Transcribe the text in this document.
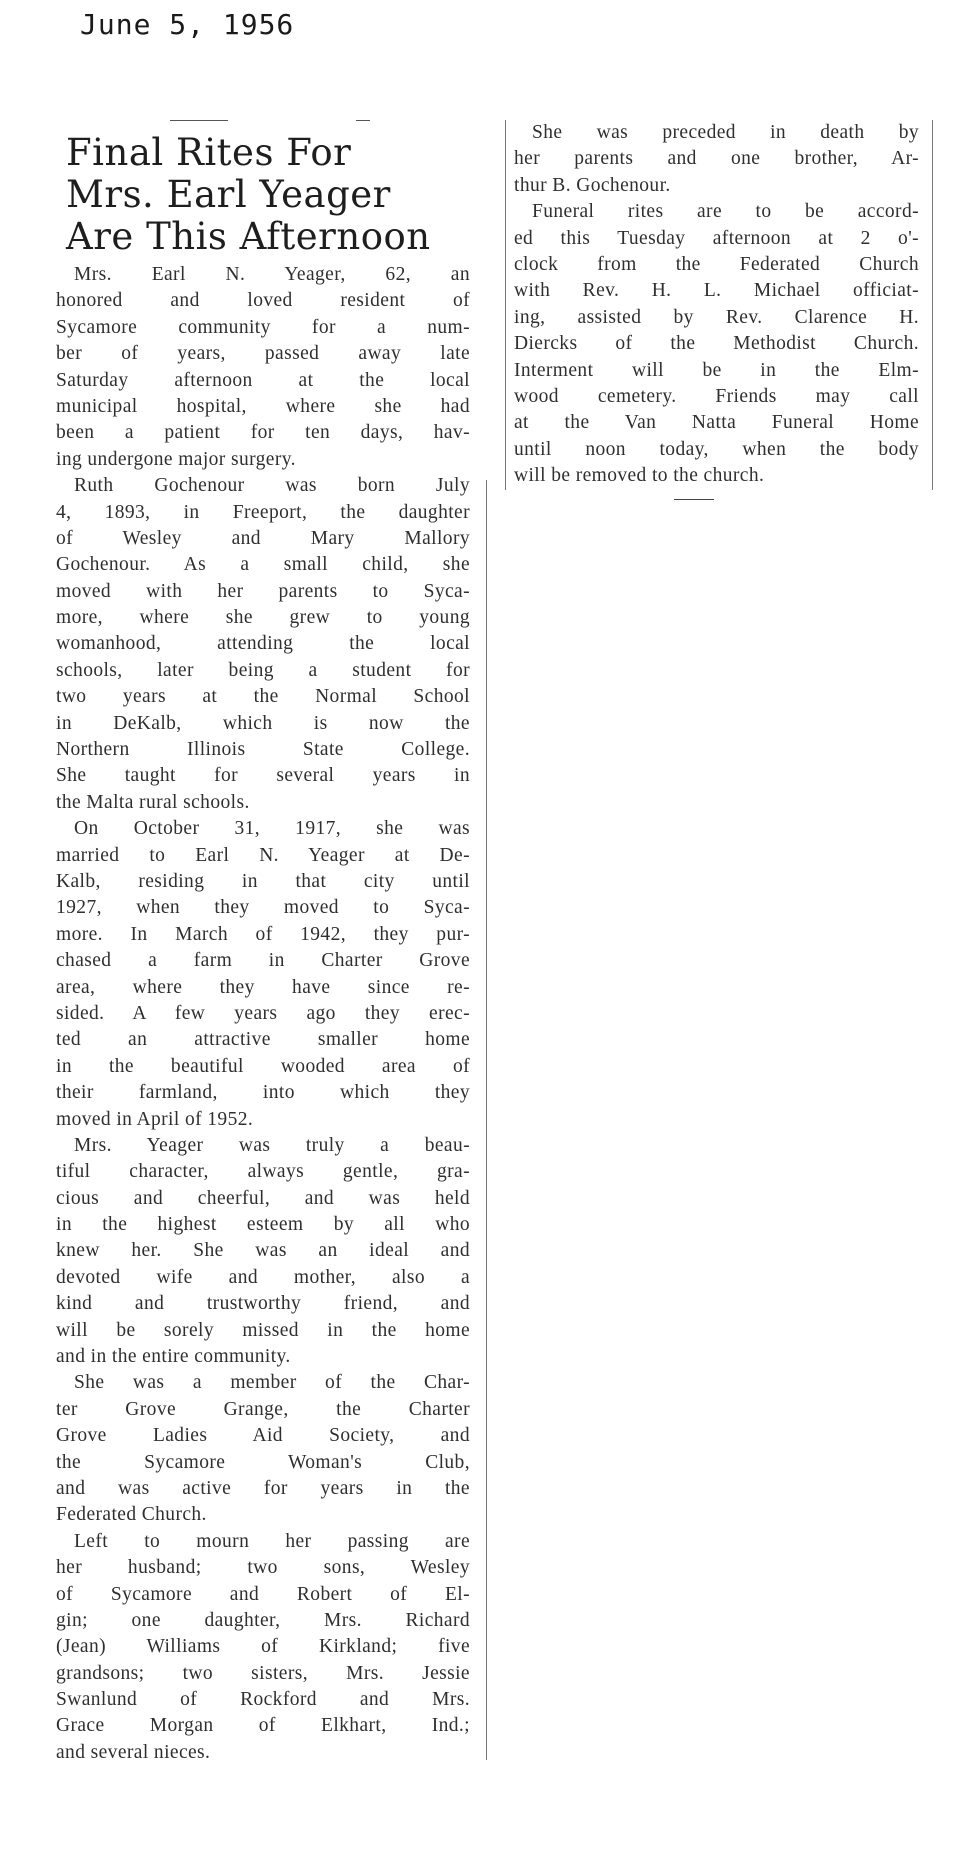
June 5, 1956
Final Rites For
Mrs. Earl Yeager
Are This Afternoon
Mrs. Earl N. Yeager, 62, an
honored and loved resident of
Sycamore community for a num-
ber of years, passed away late
Saturday afternoon at the local
municipal hospital, where she had
been a patient for ten days, hav-
ing undergone major surgery.
Ruth Gochenour was born July
4, 1893, in Freeport, the daughter
of Wesley and Mary Mallory
Gochenour. As a small child, she
moved with her parents to Syca-
more, where she grew to young
womanhood, attending the local
schools, later being a student for
two years at the Normal School
in DeKalb, which is now the
Northern Illinois State College.
She taught for several years in
the Malta rural schools.
On October 31, 1917, she was
married to Earl N. Yeager at De-
Kalb, residing in that city until
1927, when they moved to Syca-
more. In March of 1942, they pur-
chased a farm in Charter Grove
area, where they have since re-
sided. A few years ago they erec-
ted an attractive smaller home
in the beautiful wooded area of
their farmland, into which they
moved in April of 1952.
Mrs. Yeager was truly a beau-
tiful character, always gentle, gra-
cious and cheerful, and was held
in the highest esteem by all who
knew her. She was an ideal and
devoted wife and mother, also a
kind and trustworthy friend, and
will be sorely missed in the home
and in the entire community.
She was a member of the Char-
ter Grove Grange, the Charter
Grove Ladies Aid Society, and
the Sycamore Woman's Club,
and was active for years in the
Federated Church.
Left to mourn her passing are
her husband; two sons, Wesley
of Sycamore and Robert of El-
gin; one daughter, Mrs. Richard
(Jean) Williams of Kirkland; five
grandsons; two sisters, Mrs. Jessie
Swanlund of Rockford and Mrs.
Grace Morgan of Elkhart, Ind.;
and several nieces.
She was preceded in death by
her parents and one brother, Ar-
thur B. Gochenour.
Funeral rites are to be accord-
ed this Tuesday afternoon at 2 o'-
clock from the Federated Church
with Rev. H. L. Michael officiat-
ing, assisted by Rev. Clarence H.
Diercks of the Methodist Church.
Interment will be in the Elm-
wood cemetery. Friends may call
at the Van Natta Funeral Home
until noon today, when the body
will be removed to the church.
